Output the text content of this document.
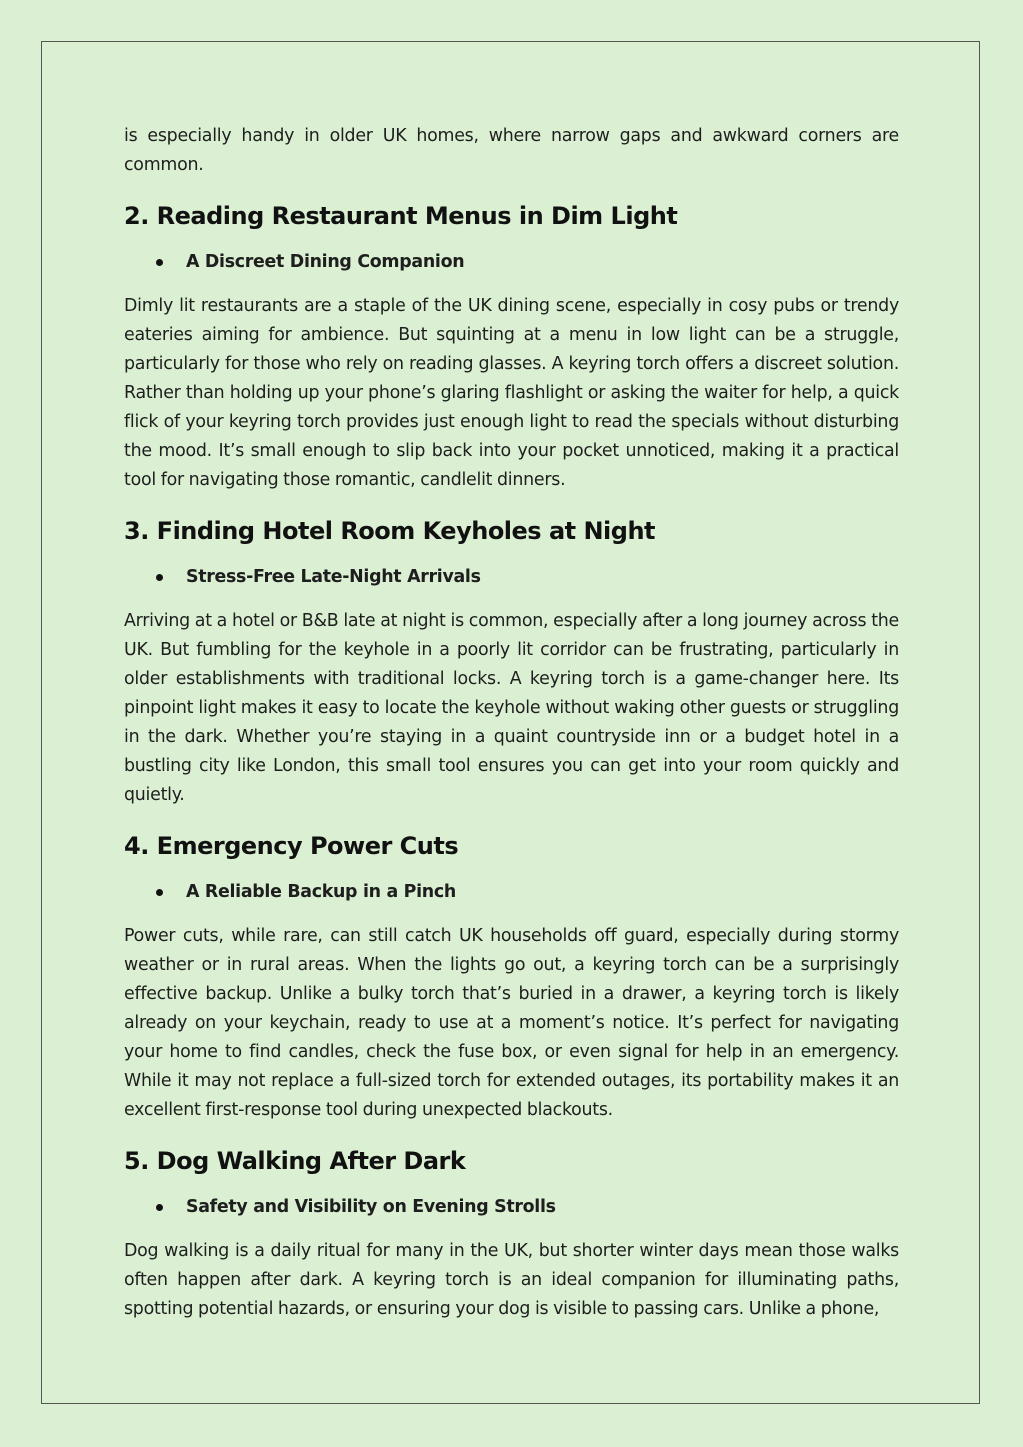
is especially handy in older UK homes, where narrow gaps and awkward corners are common.

2. Reading Restaurant Menus in Dim Light
A Discreet Dining Companion

Dimly lit restaurants are a staple of the UK dining scene, especially in cosy pubs or trendy eateries aiming for ambience. But squinting at a menu in low light can be a struggle, particularly for those who rely on reading glasses. A keyring torch offers a discreet solution. Rather than holding up your phone’s glaring flashlight or asking the waiter for help, a quick flick of your keyring torch provides just enough light to read the specials without disturbing the mood. It’s small enough to slip back into your pocket unnoticed, making it a practical tool for navigating those romantic, candlelit dinners.

3. Finding Hotel Room Keyholes at Night
Stress-Free Late-Night Arrivals

Arriving at a hotel or B&B late at night is common, especially after a long journey across the UK. But fumbling for the keyhole in a poorly lit corridor can be frustrating, particularly in older establishments with traditional locks. A keyring torch is a game-changer here. Its pinpoint light makes it easy to locate the keyhole without waking other guests or struggling in the dark. Whether you’re staying in a quaint countryside inn or a budget hotel in a bustling city like London, this small tool ensures you can get into your room quickly and quietly.

4. Emergency Power Cuts
A Reliable Backup in a Pinch

Power cuts, while rare, can still catch UK households off guard, especially during stormy weather or in rural areas. When the lights go out, a keyring torch can be a surprisingly effective backup. Unlike a bulky torch that’s buried in a drawer, a keyring torch is likely already on your keychain, ready to use at a moment’s notice. It’s perfect for navigating your home to find candles, check the fuse box, or even signal for help in an emergency. While it may not replace a full-sized torch for extended outages, its portability makes it an excellent first-response tool during unexpected blackouts.

5. Dog Walking After Dark
Safety and Visibility on Evening Strolls

Dog walking is a daily ritual for many in the UK, but shorter winter days mean those walks often happen after dark. A keyring torch is an ideal companion for illuminating paths, spotting potential hazards, or ensuring your dog is visible to passing cars. Unlike a phone,
